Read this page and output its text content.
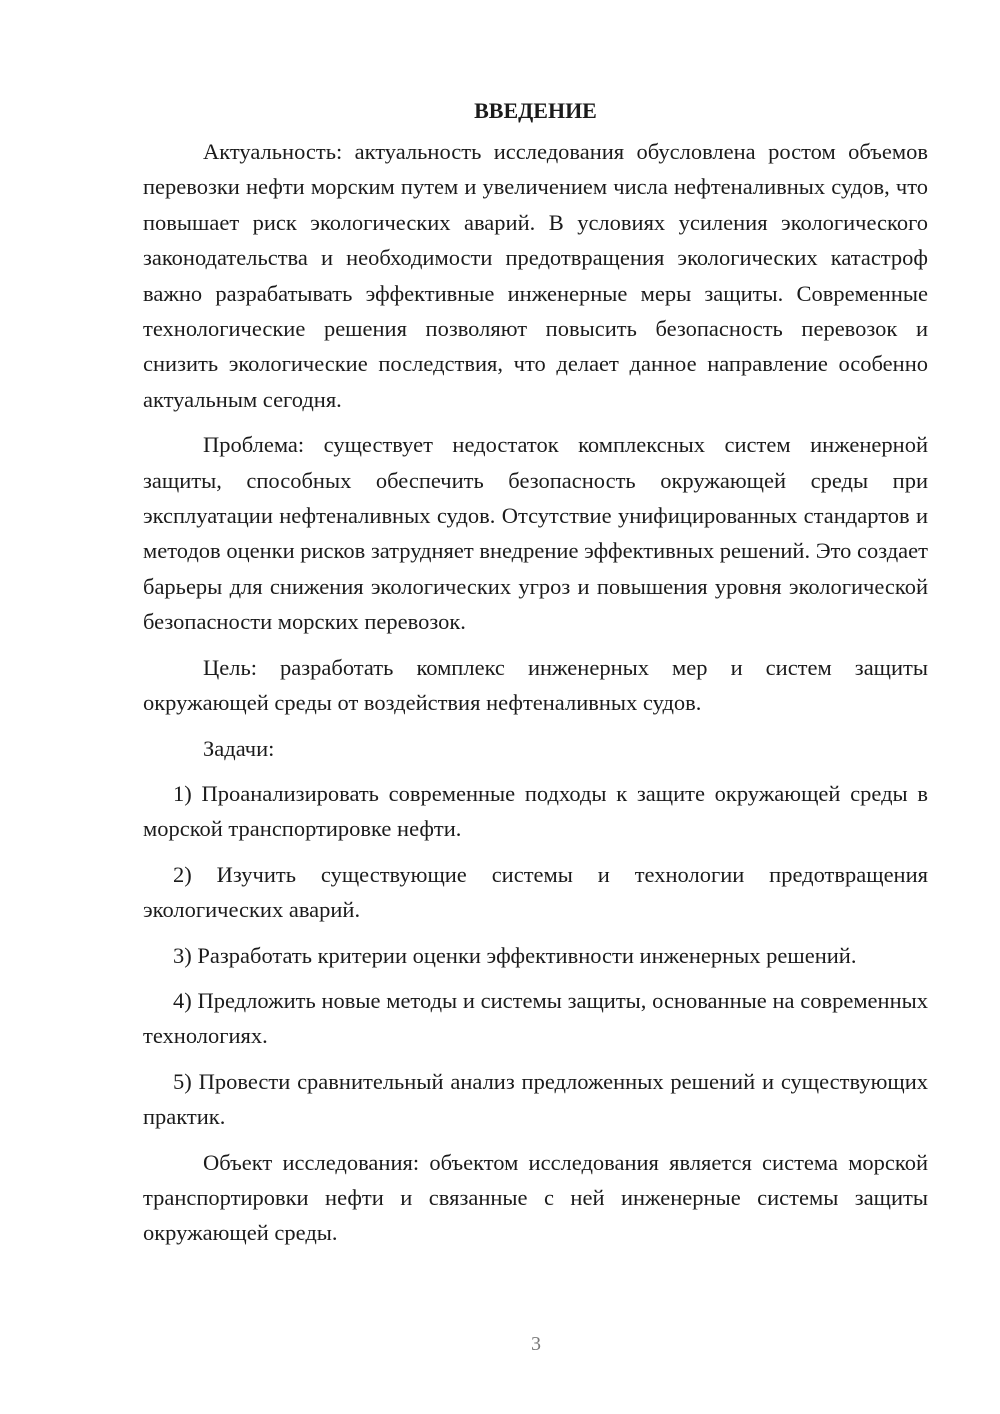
ВВЕДЕНИЕ

Актуальность: актуальность исследования обусловлена ростом объемов перевозки нефти морским путем и увеличением числа нефтеналивных судов, что повышает риск экологических аварий. В условиях усиления экологического законодательства и необходимости предотвращения экологических катастроф важно разрабатывать эффективные инженерные меры защиты. Современные технологические решения позволяют повысить безопасность перевозок и снизить экологические последствия, что делает данное направление особенно актуальным сегодня.

Проблема: существует недостаток комплексных систем инженерной защиты, способных обеспечить безопасность окружающей среды при эксплуатации нефтеналивных судов. Отсутствие унифицированных стандартов и методов оценки рисков затрудняет внедрение эффективных решений. Это создает барьеры для снижения экологических угроз и повышения уровня экологической безопасности морских перевозок.

Цель: разработать комплекс инженерных мер и систем защиты окружающей среды от воздействия нефтеналивных судов.

Задачи:

1) Проанализировать современные подходы к защите окружающей среды в морской транспортировке нефти.

2) Изучить существующие системы и технологии предотвращения экологических аварий.

3) Разработать критерии оценки эффективности инженерных решений.

4) Предложить новые методы и системы защиты, основанные на современных технологиях.

5) Провести сравнительный анализ предложенных решений и существующих практик.

Объект исследования: объектом исследования является система морской транспортировки нефти и связанные с ней инженерные системы защиты окружающей среды.

3
